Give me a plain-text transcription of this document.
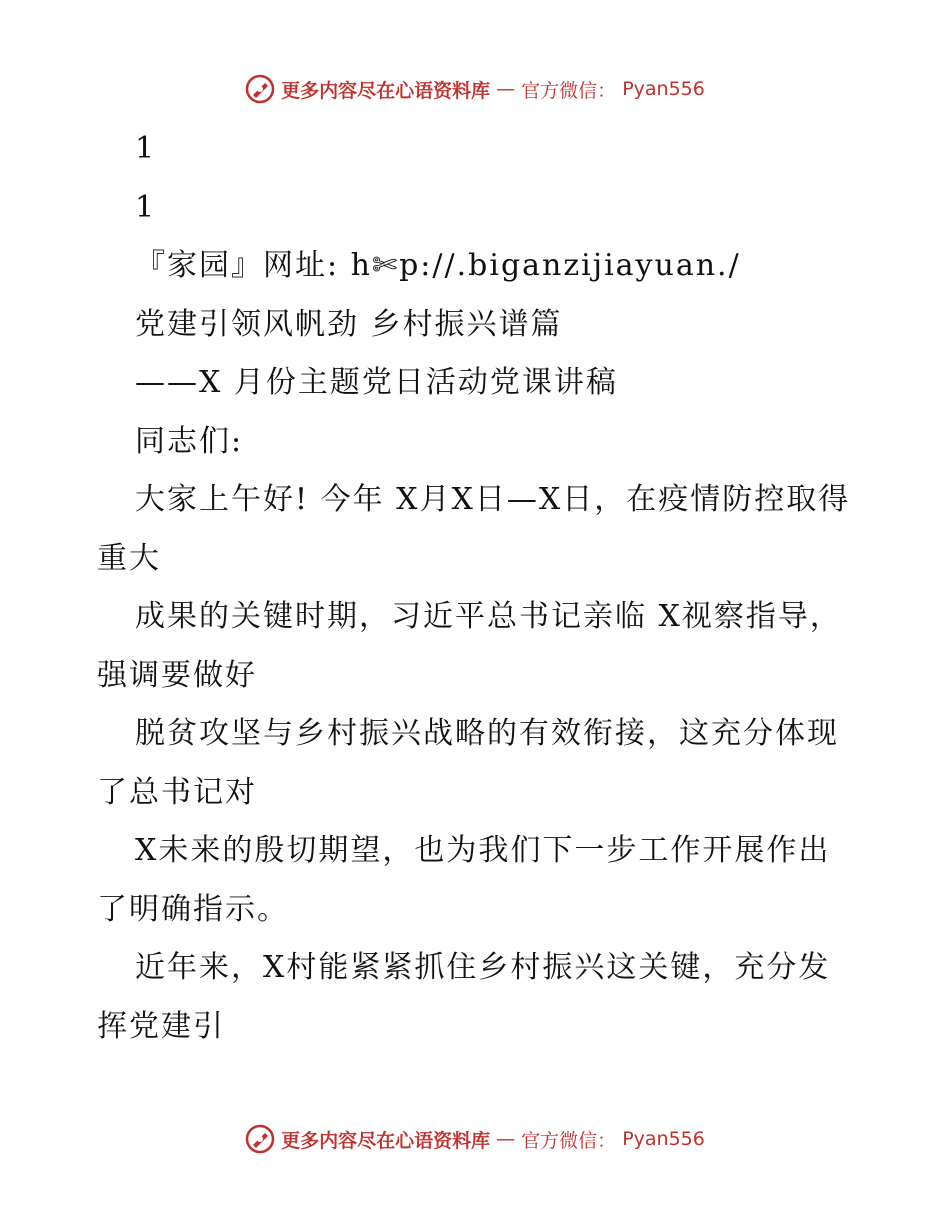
更多内容尽在心语资料库 — 官方微信： Pyan556
1
1
『家园』网址: h✄p://.biganzijiayuan./
党建引领风帆劲 乡村振兴谱篇
——X 月份主题党日活动党课讲稿
同志们:
大家上午好! 今年 X月X日—X日，在疫情防控取得重大
成果的关键时期，习近平总书记亲临 X视察指导，强调要做好
脱贫攻坚与乡村振兴战略的有效衔接，这充分体现了总书记对
X未来的殷切期望，也为我们下一步工作开展作出了明确指示。
近年来，X村能紧紧抓住乡村振兴这关键，充分发挥党建引
更多内容尽在心语资料库 — 官方微信： Pyan556
